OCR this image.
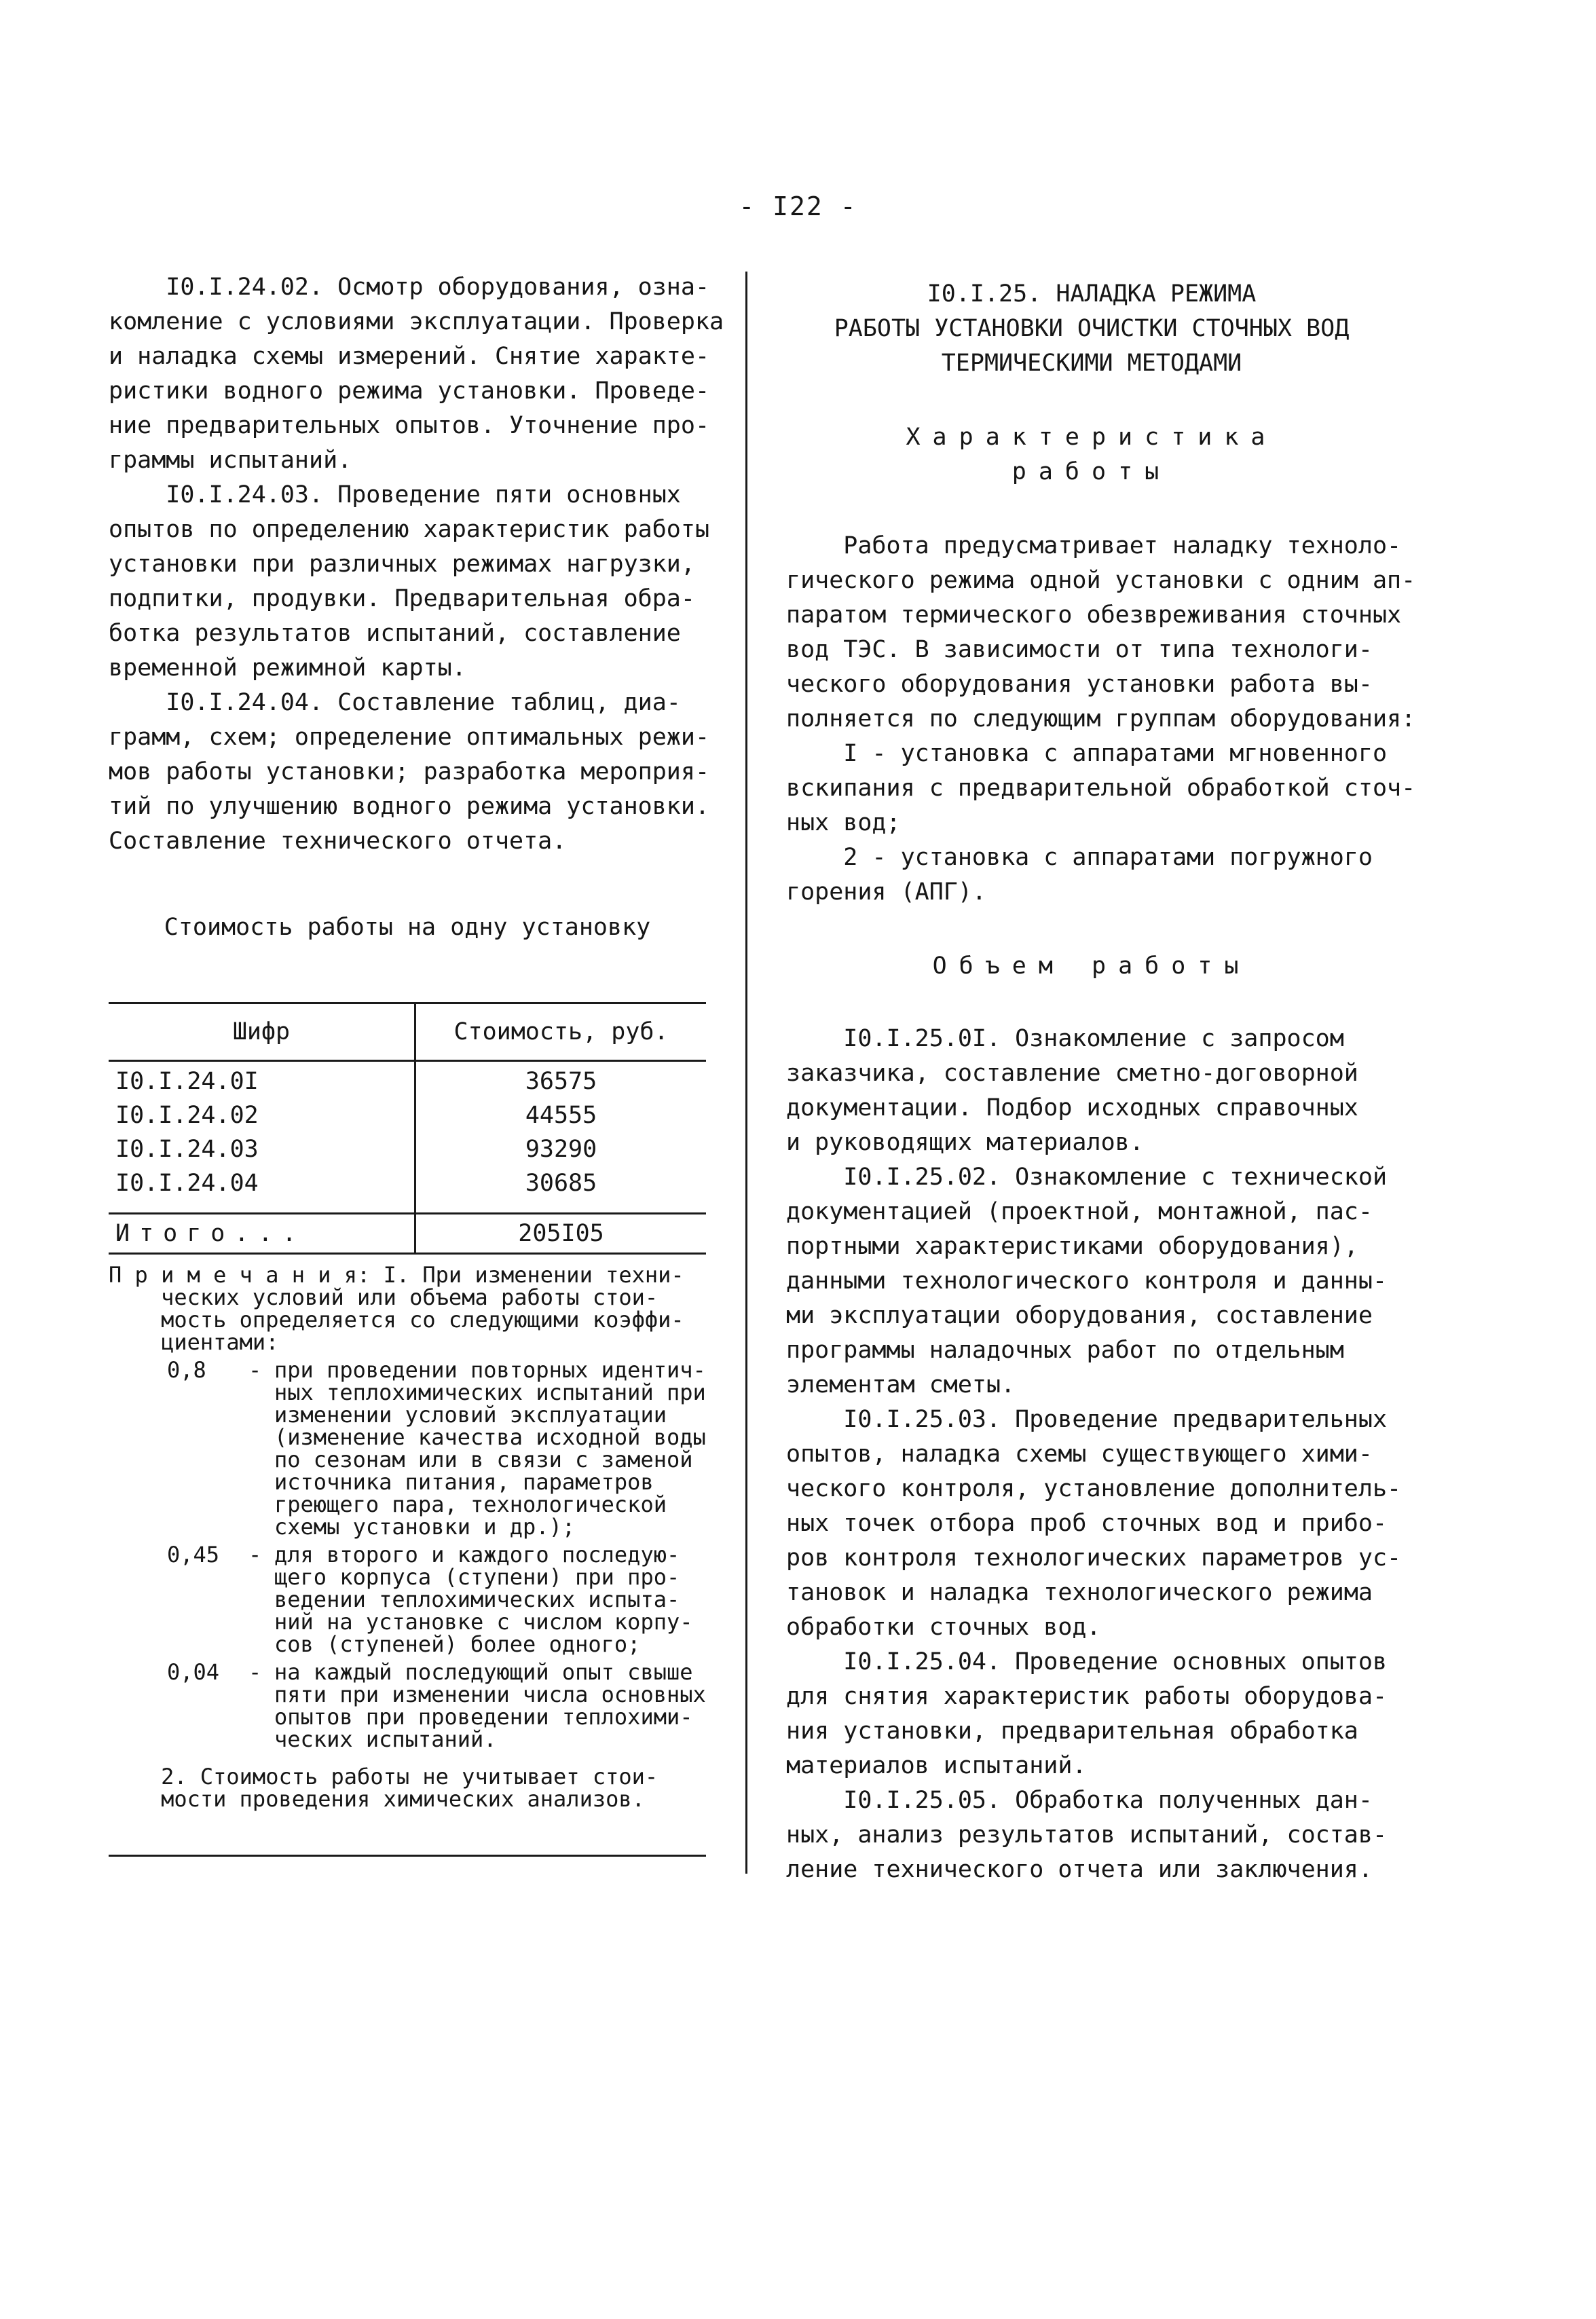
- I22 -

I0.I.24.02. Осмотр оборудования, озна-
комление с условиями эксплуатации. Проверка
и наладка схемы измерений. Снятие характе-
ристики водного режима установки. Проведе-
ние предварительных опытов. Уточнение про-
граммы испытаний.

I0.I.24.03. Проведение пяти основных
опытов по определению характеристик работы
установки при различных режимах нагрузки,
подпитки, продувки. Предварительная обра-
ботка результатов испытаний, составление
временной режимной карты.

I0.I.24.04. Составление таблиц, диа-
грамм, схем; определение оптимальных режи-
мов работы установки; разработка мероприя-
тий по улучшению водного режима установки.
Составление технического отчета.

Стоимость работы на одну установку

Шифр	Стоимость, руб.
I0.I.24.0I	36575
I0.I.24.02	44555
I0.I.24.03	93290
I0.I.24.04	30685
Итого...	205I05
П р и м е ч а н и я: I. При изменении техни-
ческих условий или объема работы стои-
мость определяется со следующими коэффи-
циентами:
0,8	- при проведении повторных идентич-
ных теплохимических испытаний при
изменении условий эксплуатации
(изменение качества исходной воды
по сезонам или в связи с заменой
источника питания, параметров
греющего пара, технологической
схемы установки и др.);
0,45	- для второго и каждого последую-
щего корпуса (ступени) при про-
ведении теплохимических испыта-
ний на установке с числом корпу-
сов (ступеней) более одного;
0,04	- на каждый последующий опыт свыше
пяти при изменении числа основных
опытов при проведении теплохими-
ческих испытаний.
2. Стоимость работы не учитывает стои-
мости проведения химических анализов.

I0.I.25. НАЛАДКА РЕЖИМА
РАБОТЫ УСТАНОВКИ ОЧИСТКИ СТОЧНЫХ ВОД
ТЕРМИЧЕСКИМИ МЕТОДАМИ

Характеристика
работы

Работа предусматривает наладку техноло-
гического режима одной установки с одним ап-
паратом термического обезвреживания сточных
вод ТЭС. В зависимости от типа технологи-
ческого оборудования установки работа вы-
полняется по следующим группам оборудования:

I - установка с аппаратами мгновенного
вскипания с предварительной обработкой сточ-
ных вод;

2 - установка с аппаратами погружного
горения (АПГ).

Объем работы

I0.I.25.0I. Ознакомление с запросом
заказчика, составление сметно-договорной
документации. Подбор исходных справочных
и руководящих материалов.

I0.I.25.02. Ознакомление с технической
документацией (проектной, монтажной, пас-
портными характеристиками оборудования),
данными технологического контроля и данны-
ми эксплуатации оборудования, составление
программы наладочных работ по отдельным
элементам сметы.

I0.I.25.03. Проведение предварительных
опытов, наладка схемы существующего хими-
ческого контроля, установление дополнитель-
ных точек отбора проб сточных вод и прибо-
ров контроля технологических параметров ус-
тановок и наладка технологического режима
обработки сточных вод.

I0.I.25.04. Проведение основных опытов
для снятия характеристик работы оборудова-
ния установки, предварительная обработка
материалов испытаний.

I0.I.25.05. Обработка полученных дан-
ных, анализ результатов испытаний, состав-
ление технического отчета или заключения.
